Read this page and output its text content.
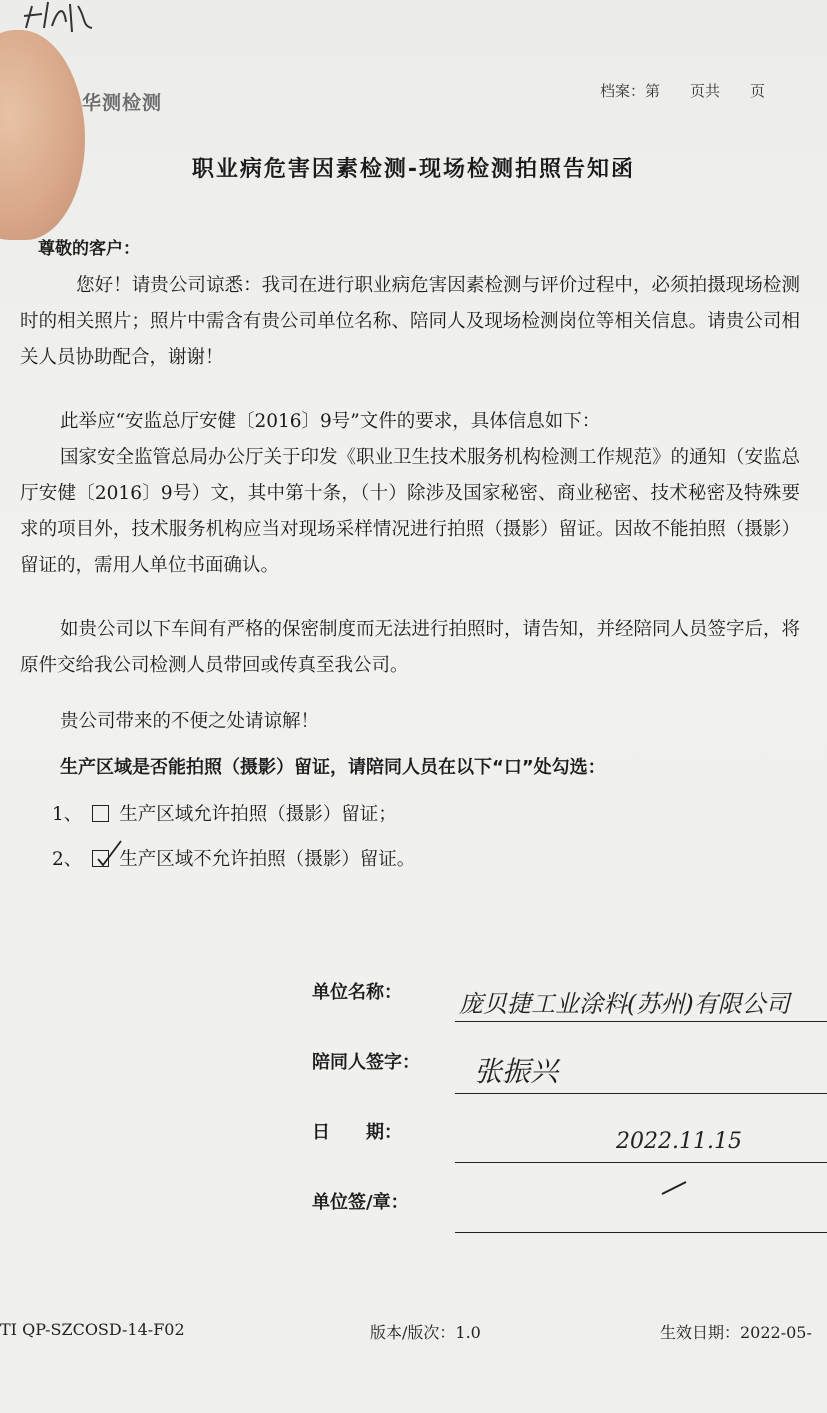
华测检测
档案：第　　页共　　页
职业病危害因素检测-现场检测拍照告知函
尊敬的客户：
您好！请贵公司谅悉：我司在进行职业病危害因素检测与评价过程中，必须拍摄现场检测时的相关照片；照片中需含有贵公司单位名称、陪同人及现场检测岗位等相关信息。请贵公司相关人员协助配合，谢谢！
此举应“安监总厅安健〔2016〕9号”文件的要求，具体信息如下：
国家安全监管总局办公厅关于印发《职业卫生技术服务机构检测工作规范》的通知（安监总厅安健〔2016〕9号）文，其中第十条，（十）除涉及国家秘密、商业秘密、技术秘密及特殊要求的项目外，技术服务机构应当对现场采样情况进行拍照（摄影）留证。因故不能拍照（摄影）留证的，需用人单位书面确认。
如贵公司以下车间有严格的保密制度而无法进行拍照时，请告知，并经陪同人员签字后，将原件交给我公司检测人员带回或传真至我公司。
贵公司带来的不便之处请谅解！
生产区域是否能拍照（摄影）留证，请陪同人员在以下“口”处勾选：
1、 生产区域允许拍照（摄影）留证；
2、 生产区域不允许拍照（摄影）留证。
单位名称： 庞贝捷工业涂料(苏州)有限公司
陪同人签字： 张振兴
日　　期：	2022.11.15
单位签/章：
TI QP-SZCOSD-14-F02	版本/版次：1.0	生效日期：2022-05-
